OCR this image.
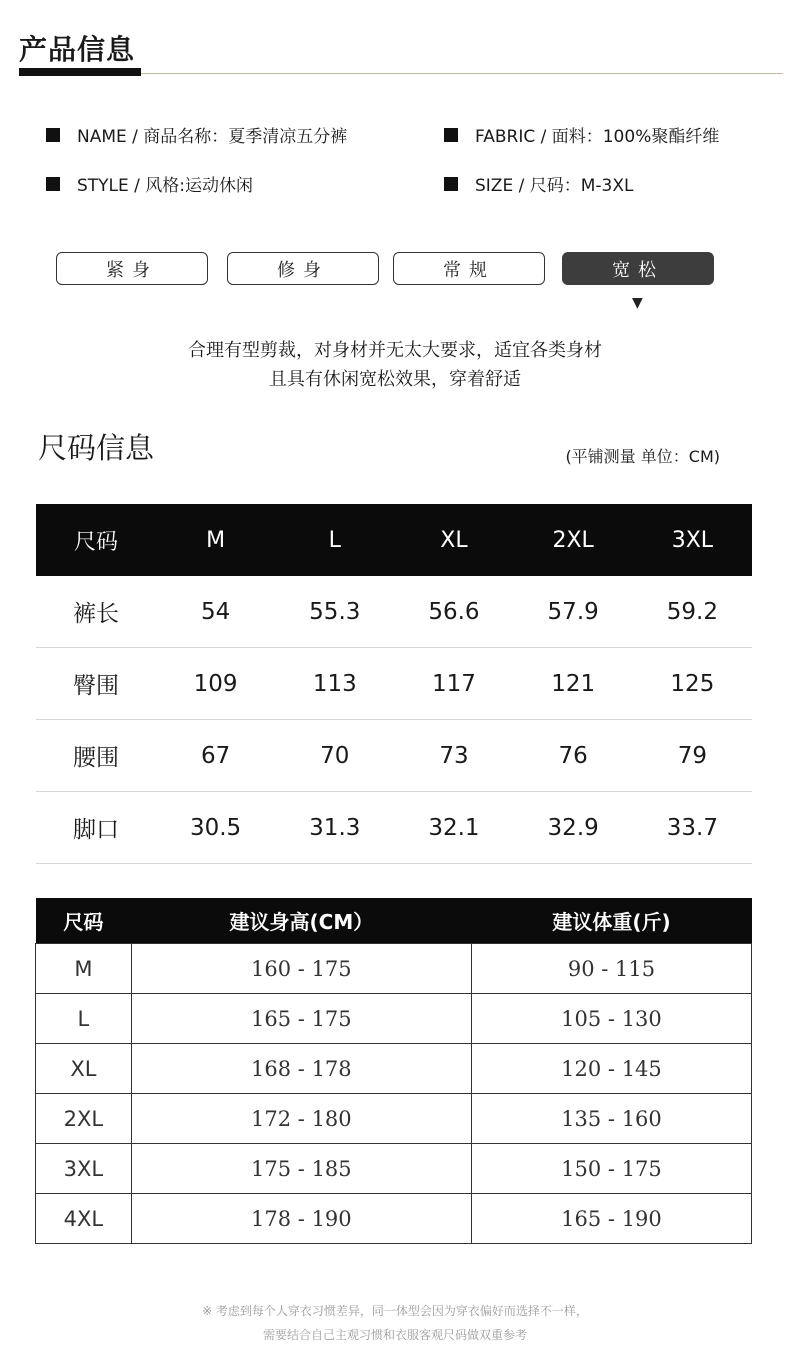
产品信息
NAME / 商品名称：夏季清凉五分裤	FABRIC / 面料：100%聚酯纤维
STYLE / 风格:运动休闲	SIZE / 尺码：M-3XL
紧身	修身	常规	宽松
▼
合理有型剪裁，对身材并无太大要求，适宜各类身材
且具有休闲宽松效果，穿着舒适
尺码信息	(平铺测量 单位：CM)
尺码	M	L	XL	2XL	3XL
裤长	54	55.3	56.6	57.9	59.2
臀围	109	113	117	121	125
腰围	67	70	73	76	79
脚口	30.5	31.3	32.1	32.9	33.7
尺码	建议身高(CM）	建议体重(斤)
M	160 - 175	90 - 115
L	165 - 175	105 - 130
XL	168 - 178	120 - 145
2XL	172 - 180	135 - 160
3XL	175 - 185	150 - 175
4XL	178 - 190	165 - 190
※ 考虑到每个人穿衣习惯差异，同一体型会因为穿衣偏好而选择不一样，
需要结合自己主观习惯和衣服客观尺码做双重参考
